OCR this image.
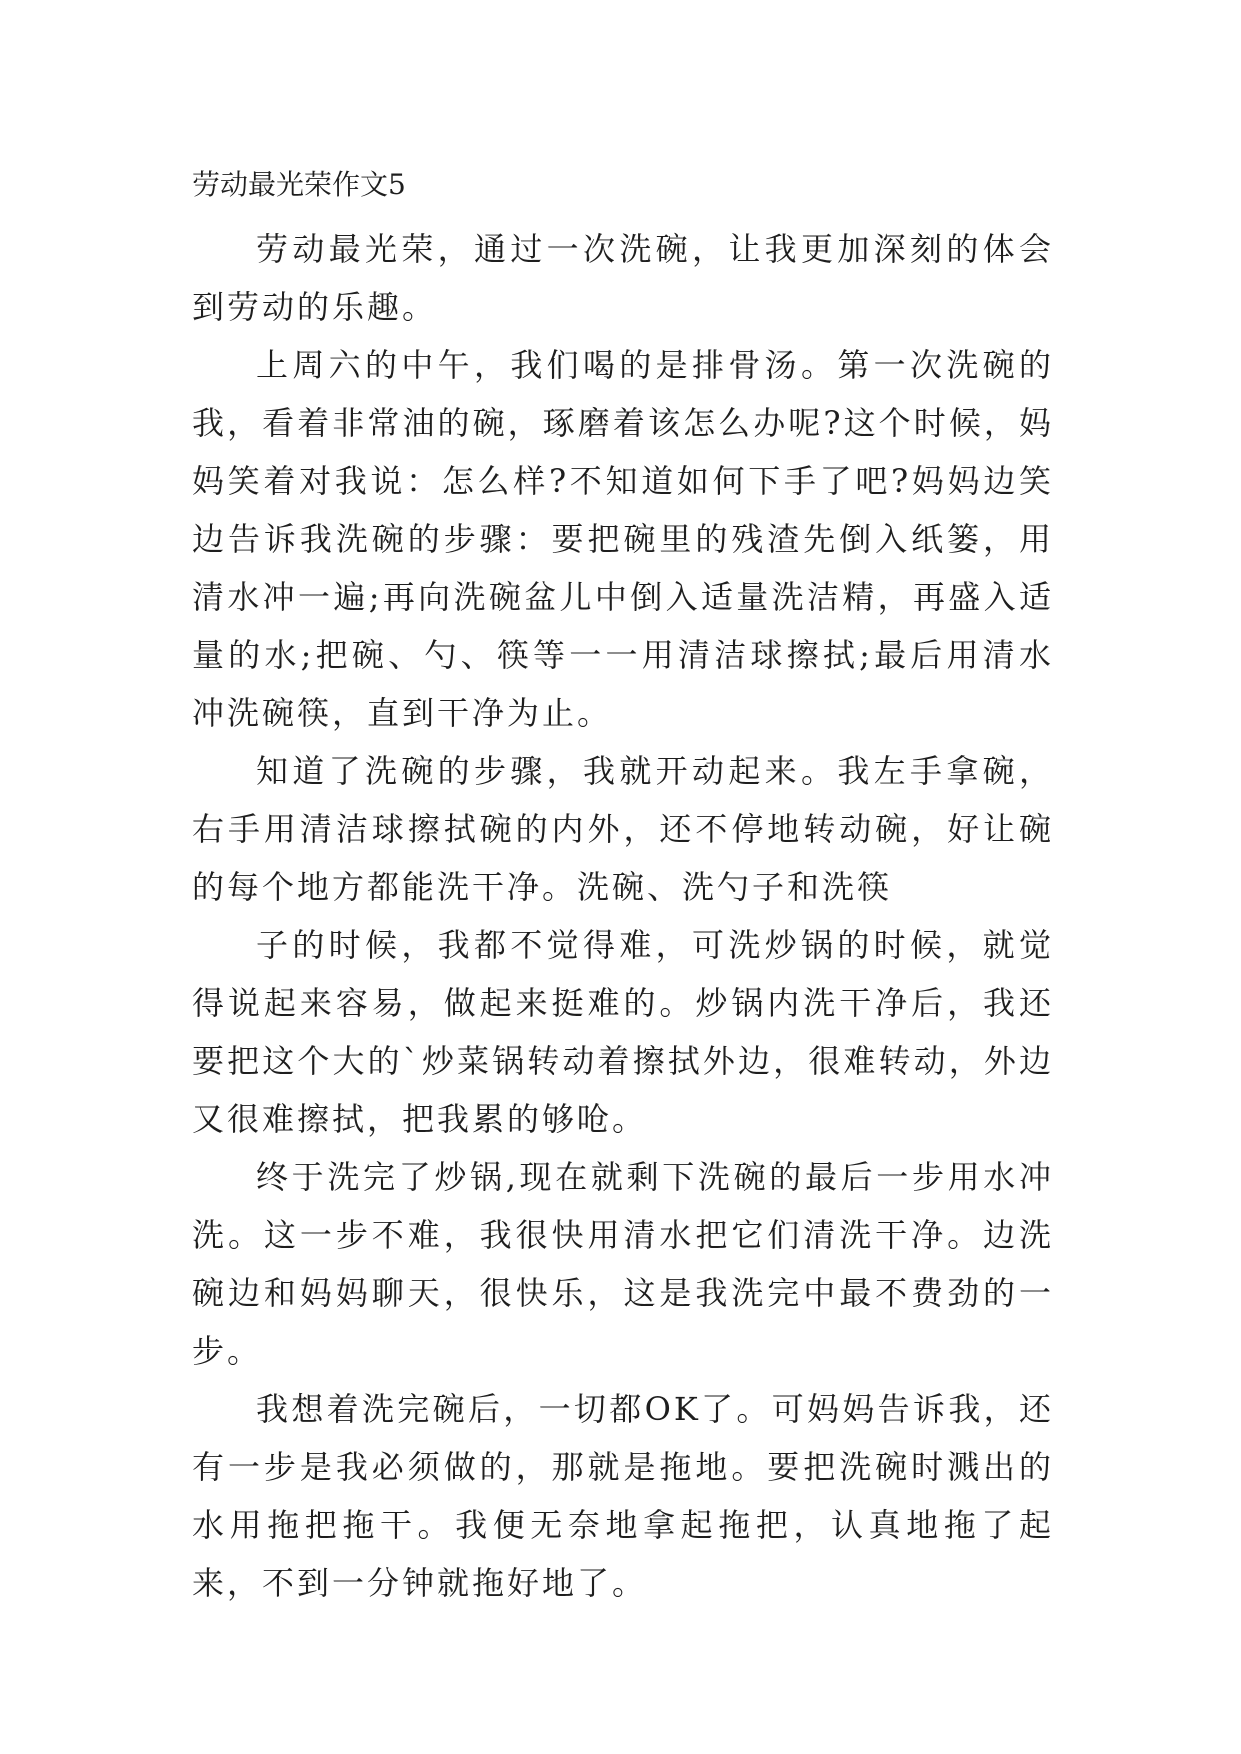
劳动最光荣作文5

劳动最光荣，通过一次洗碗，让我更加深刻的体会到劳动的乐趣。

上周六的中午，我们喝的是排骨汤。第一次洗碗的我，看着非常油的碗，琢磨着该怎么办呢?这个时候，妈妈笑着对我说：怎么样?不知道如何下手了吧?妈妈边笑边告诉我洗碗的步骤：要把碗里的残渣先倒入纸篓，用清水冲一遍;再向洗碗盆儿中倒入适量洗洁精，再盛入适量的水;把碗、勺、筷等一一用清洁球擦拭;最后用清水冲洗碗筷，直到干净为止。

知道了洗碗的步骤，我就开动起来。我左手拿碗，右手用清洁球擦拭碗的内外，还不停地转动碗，好让碗的每个地方都能洗干净。洗碗、洗勺子和洗筷

子的时候，我都不觉得难，可洗炒锅的时候，就觉得说起来容易，做起来挺难的。炒锅内洗干净后，我还要把这个大的`炒菜锅转动着擦拭外边，很难转动，外边又很难擦拭，把我累的够呛。

终于洗完了炒锅,现在就剩下洗碗的最后一步用水冲洗。这一步不难，我很快用清水把它们清洗干净。边洗碗边和妈妈聊天，很快乐，这是我洗完中最不费劲的一步。

我想着洗完碗后，一切都OK了。可妈妈告诉我，还有一步是我必须做的，那就是拖地。要把洗碗时溅出的水用拖把拖干。我便无奈地拿起拖把，认真地拖了起来，不到一分钟就拖好地了。
